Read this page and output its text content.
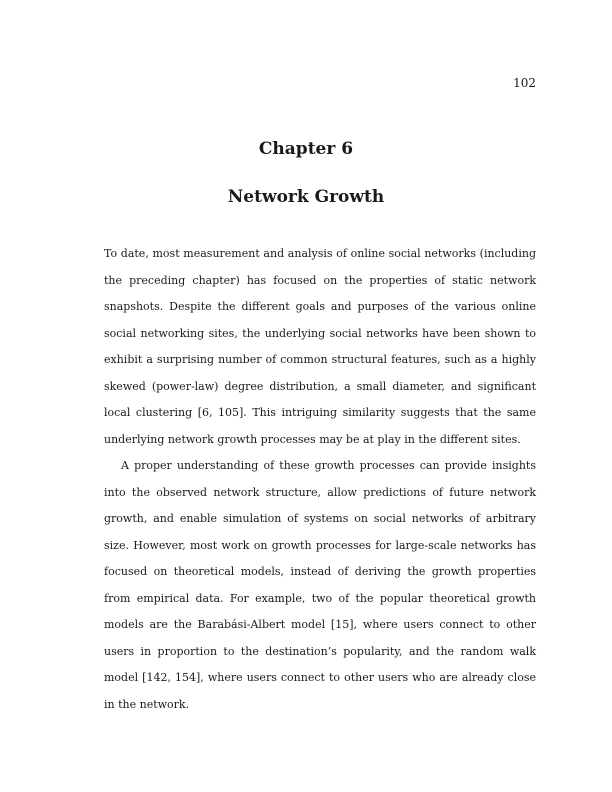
102
Chapter 6
Network Growth

To date, most measurement and analysis of online social networks (including the preceding chapter) has focused on the properties of static network snapshots. Despite the different goals and purposes of the various online social networking sites, the underlying social networks have been shown to exhibit a surprising number of common structural features, such as a highly skewed (power-law) degree distribution, a small diameter, and significant local clustering [6, 105]. This intriguing similarity suggests that the same underlying network growth processes may be at play in the different sites.

A proper understanding of these growth processes can provide insights into the observed network structure, allow predictions of future network growth, and enable simulation of systems on social networks of arbitrary size. However, most work on growth processes for large-scale networks has focused on theoretical models, instead of deriving the growth properties from empirical data. For example, two of the popular theoretical growth models are the Barabási-Albert model [15], where users connect to other users in proportion to the destination’s popularity, and the random walk model [142, 154], where users connect to other users who are already close in the network.
